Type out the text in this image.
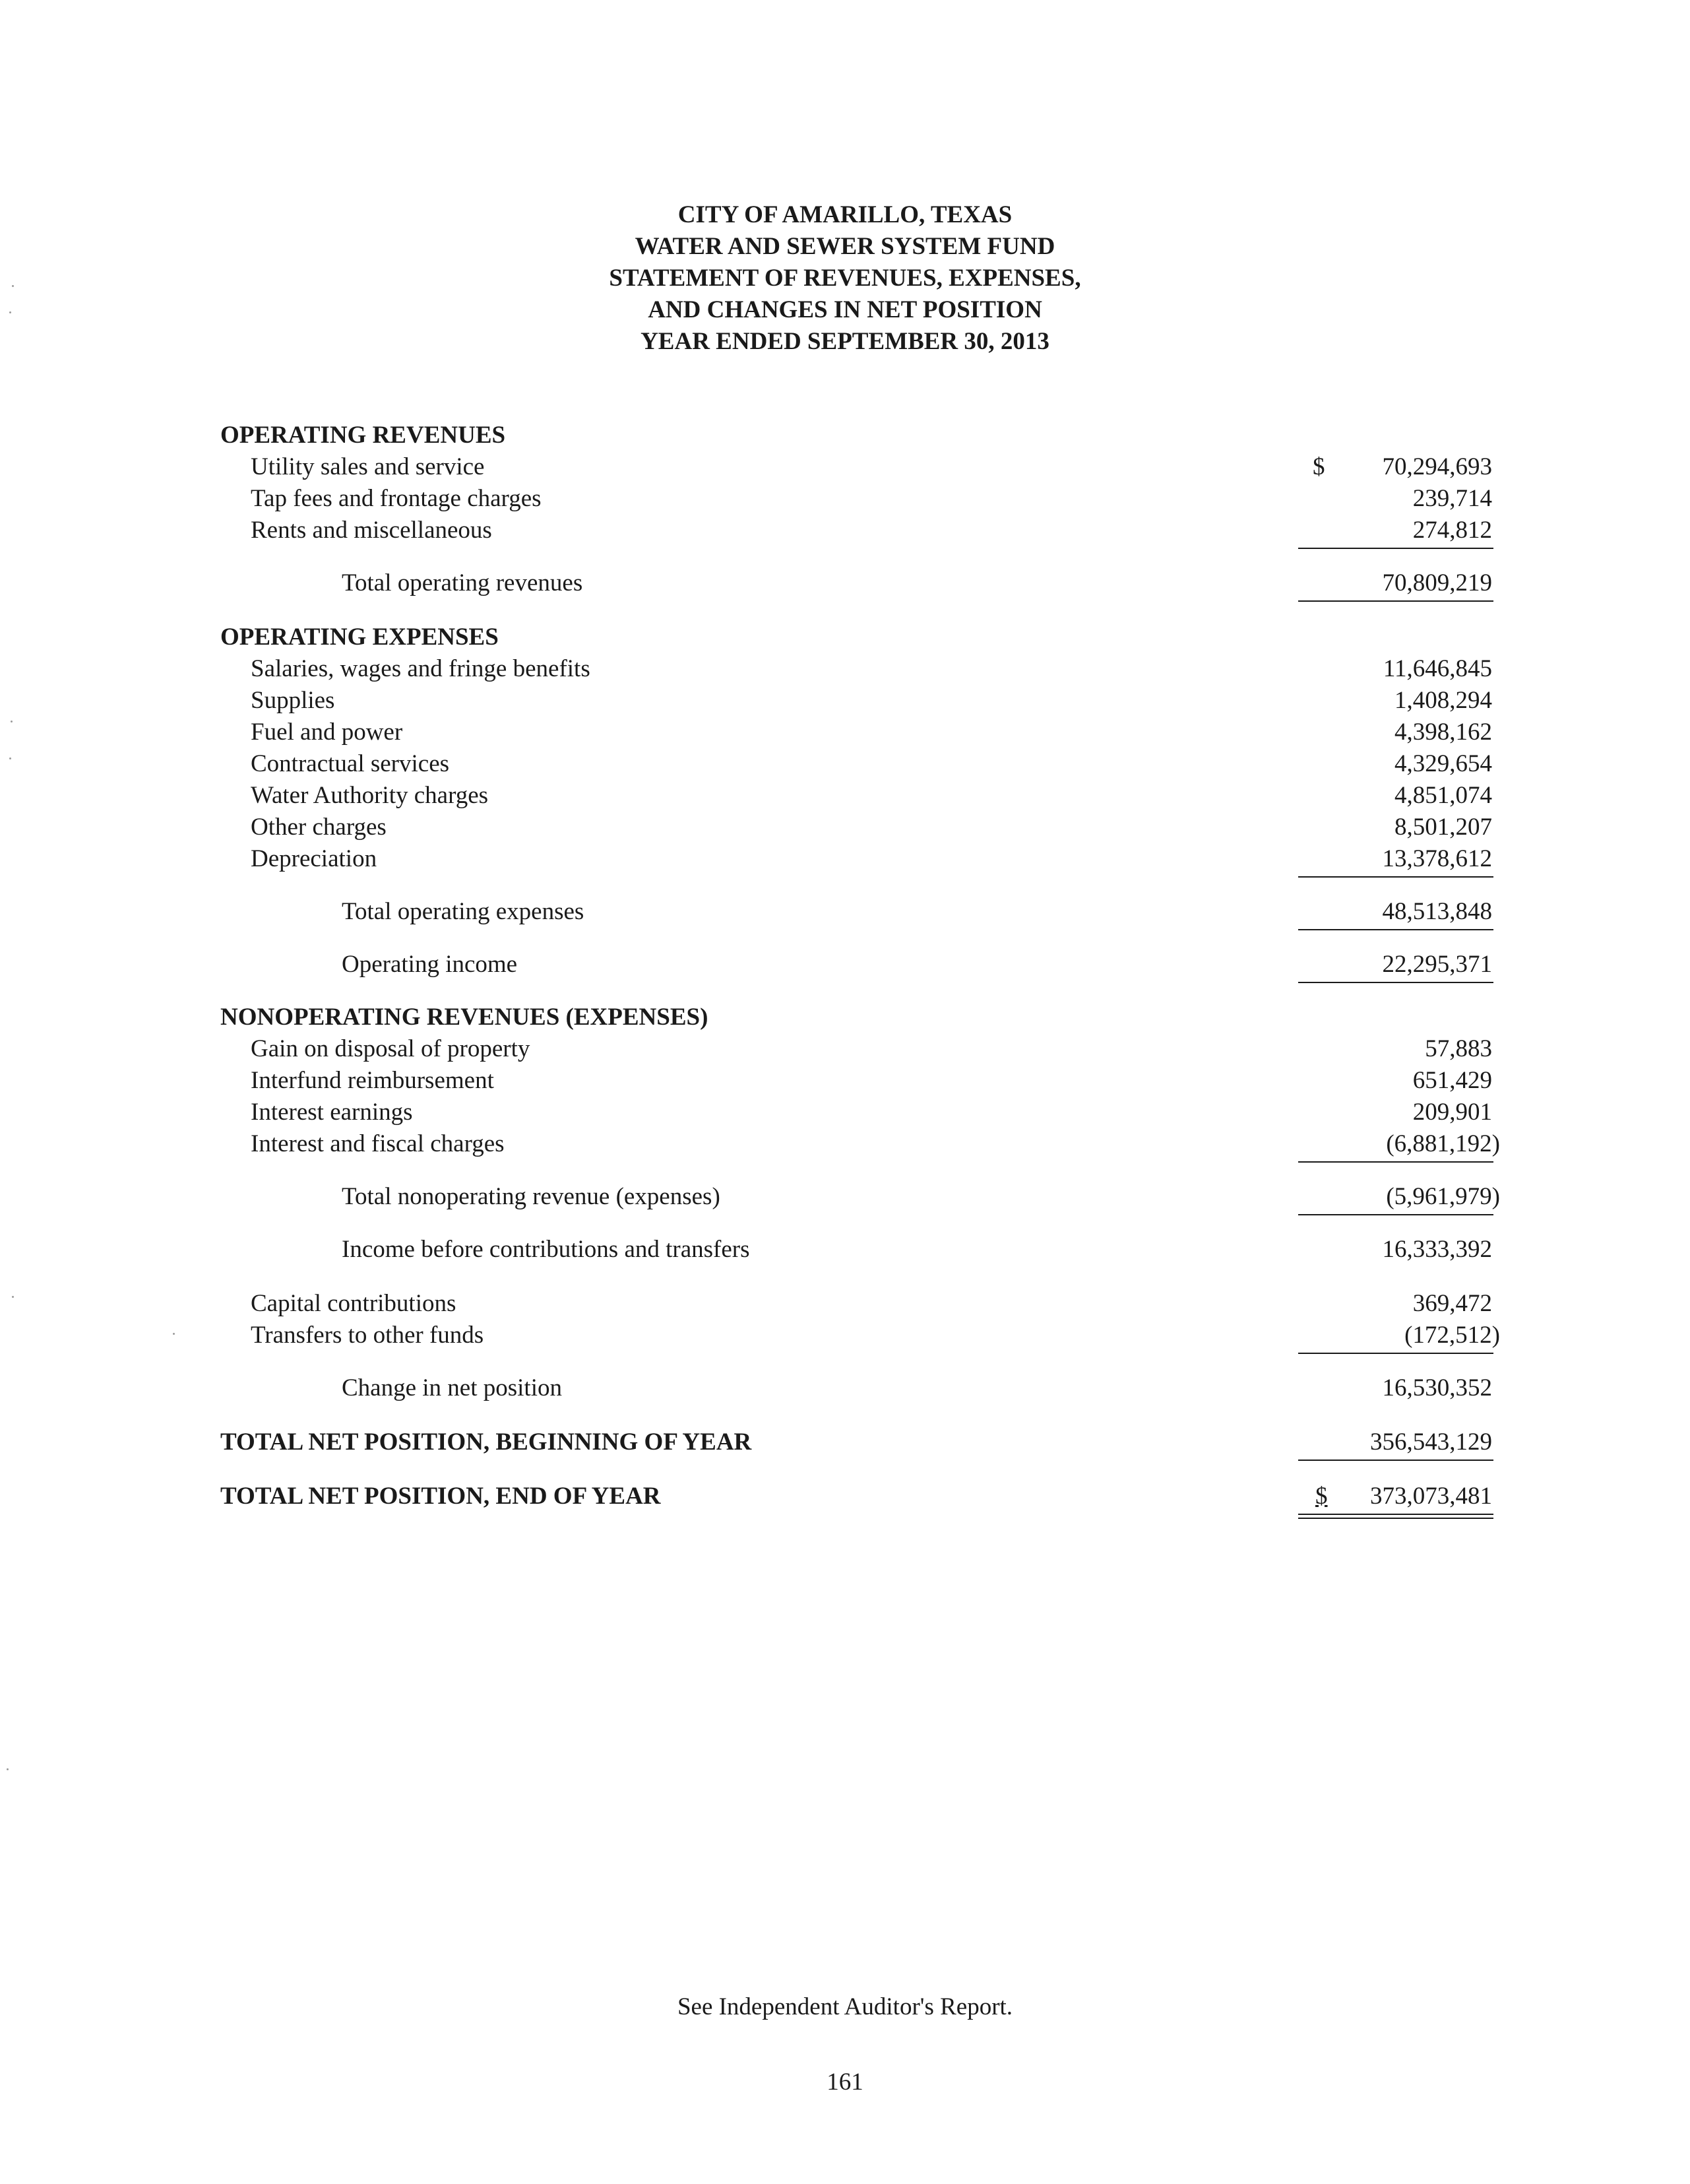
CITY OF AMARILLO, TEXAS
WATER AND SEWER SYSTEM FUND
STATEMENT OF REVENUES, EXPENSES,
AND CHANGES IN NET POSITION
YEAR ENDED SEPTEMBER 30, 2013
OPERATING REVENUES
Utility sales and service	$ 70,294,693
Tap fees and frontage charges	239,714
Rents and miscellaneous	274,812
Total operating revenues	70,809,219
OPERATING EXPENSES
Salaries, wages and fringe benefits	11,646,845
Supplies	1,408,294
Fuel and power	4,398,162
Contractual services	4,329,654
Water Authority charges	4,851,074
Other charges	8,501,207
Depreciation	13,378,612
Total operating expenses	48,513,848
Operating income	22,295,371
NONOPERATING REVENUES (EXPENSES)
Gain on disposal of property	57,883
Interfund reimbursement	651,429
Interest earnings	209,901
Interest and fiscal charges	(6,881,192)
Total nonoperating revenue (expenses)	(5,961,979)
Income before contributions and transfers	16,333,392
Capital contributions	369,472
Transfers to other funds	(172,512)
Change in net position	16,530,352
TOTAL NET POSITION, BEGINNING OF YEAR	356,543,129
TOTAL NET POSITION, END OF YEAR	$ 373,073,481
See Independent Auditor's Report.
161
